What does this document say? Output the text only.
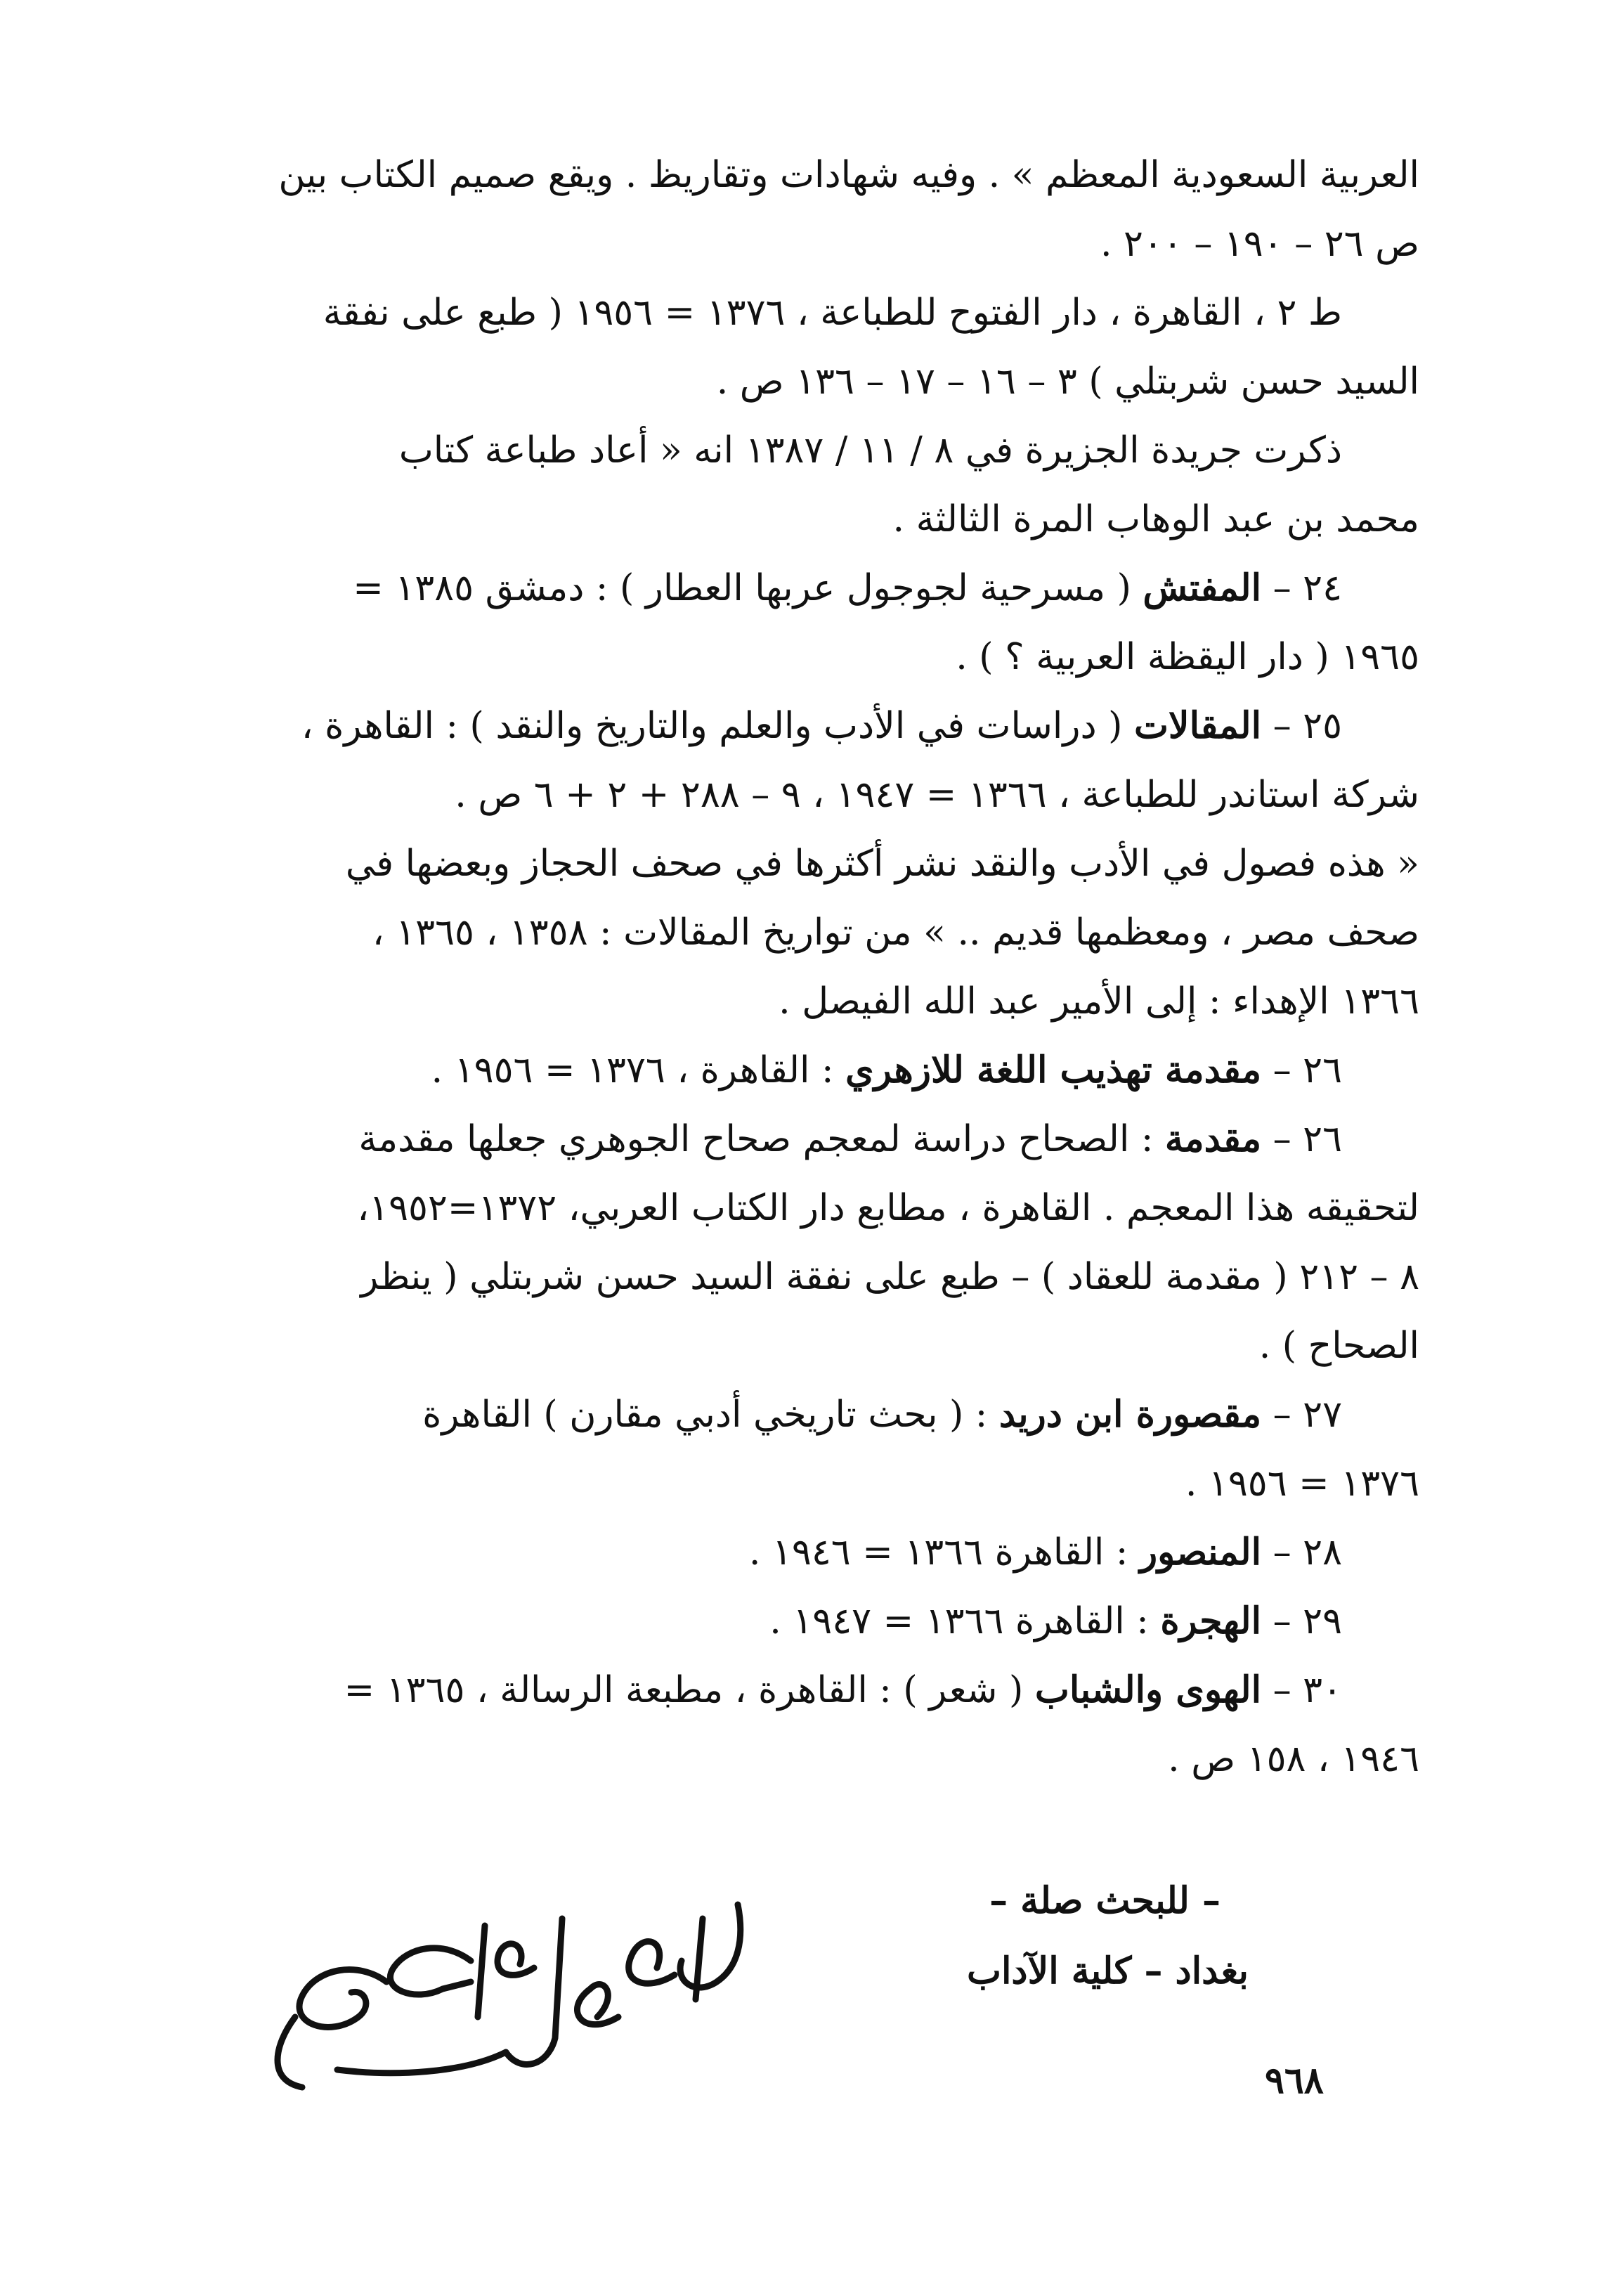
العربية السعودية المعظم » . وفيه شهادات وتقاريظ . ويقع صميم الكتاب بين
ص ٢٦ – ١٩٠ – ٢٠٠ .

ط ٢ ، القاهرة ، دار الفتوح للطباعة ، ١٣٧٦ = ١٩٥٦ ( طبع على نفقة
السيد حسن شربتلي ) ٣ – ١٦ – ١٧ – ١٣٦ ص .

ذكرت جريدة الجزيرة في ٨ / ١١ / ١٣٨٧ انه « أعاد طباعة كتاب
محمد بن عبد الوهاب المرة الثالثة .

٢٤ – المفتش ( مسرحية لجوجول عربها العطار ) : دمشق ١٣٨٥ =
١٩٦٥ ( دار اليقظة العربية ؟ ) .

٢٥ – المقالات ( دراسات في الأدب والعلم والتاريخ والنقد ) : القاهرة ،
شركة استاندر للطباعة ، ١٣٦٦ = ١٩٤٧ ، ٩ – ٢٨٨ + ٢ + ٦ ص .

« هذه فصول في الأدب والنقد نشر أكثرها في صحف الحجاز وبعضها في
صحف مصر ، ومعظمها قديم .. » من تواريخ المقالات : ١٣٥٨ ، ١٣٦٥ ،
١٣٦٦ الإهداء : إلى الأمير عبد الله الفيصل .

٢٦ – مقدمة تهذيب اللغة للازهري : القاهرة ، ١٣٧٦ = ١٩٥٦ .

٢٦ – مقدمة : الصحاح دراسة لمعجم صحاح الجوهري جعلها مقدمة
لتحقيقه هذا المعجم . القاهرة ، مطابع دار الكتاب العربي، ١٣٧٢=١٩٥٢،
٨ – ٢١٢ ( مقدمة للعقاد ) – طبع على نفقة السيد حسن شربتلي ( ينظر
الصحاح ) .

٢٧ – مقصورة ابن دريد : ( بحث تاريخي أدبي مقارن ) القاهرة
١٣٧٦ = ١٩٥٦ .

٢٨ – المنصور : القاهرة ١٣٦٦ = ١٩٤٦ .

٢٩ – الهجرة : القاهرة ١٣٦٦ = ١٩٤٧ .

٣٠ – الهوى والشباب ( شعر ) : القاهرة ، مطبعة الرسالة ، ١٣٦٥ =
١٩٤٦ ، ١٥٨ ص .

– للبحث صلة –
بغداد – كلية الآداب
٩٦٨
